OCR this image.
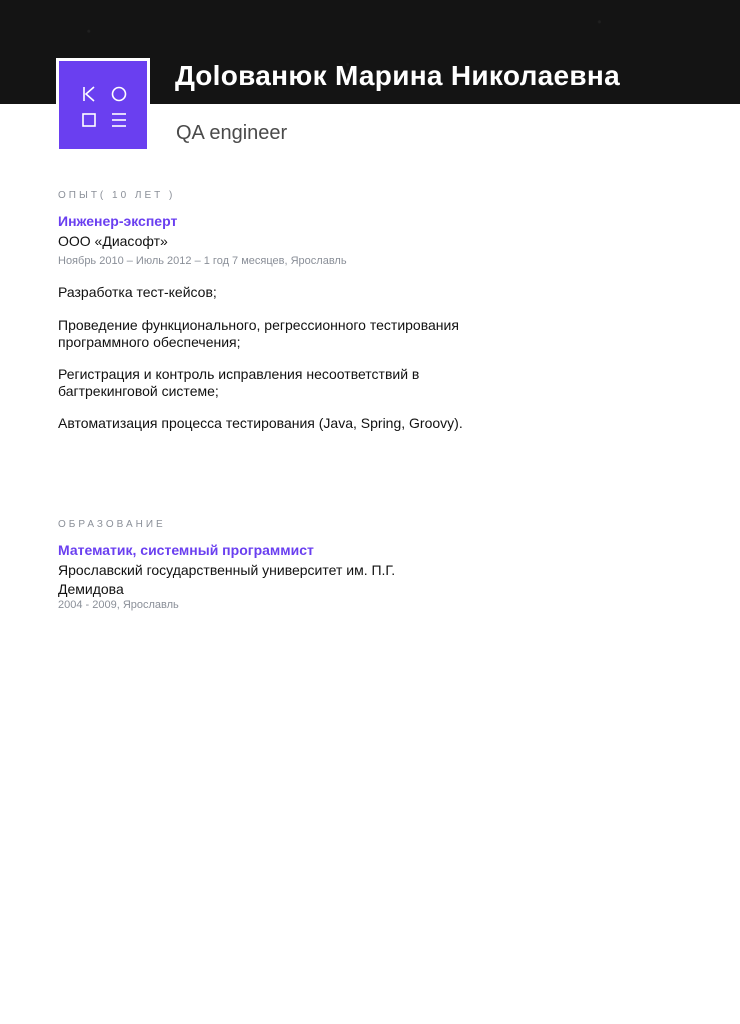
Дolованюк Марина Николаевна
QA engineer
ОПЫТ( 10 ЛЕТ )
Инженер-эксперт
ООО «Диасофт»
Ноябрь 2010 – Июль 2012 – 1 год 7 месяцев, Ярославль
Разработка тест-кейсов;
Проведение функционального, регрессионного тестирования программного обеспечения;
Регистрация и контроль исправления несоответствий в багтрекинговой системе;
Автоматизация процесса тестирования (Java, Spring, Groovy).
ОБРАЗОВАНИЕ
Математик, системный программист
Ярославский государственный университет им. П.Г. Демидова
2004 - 2009, Ярославль
